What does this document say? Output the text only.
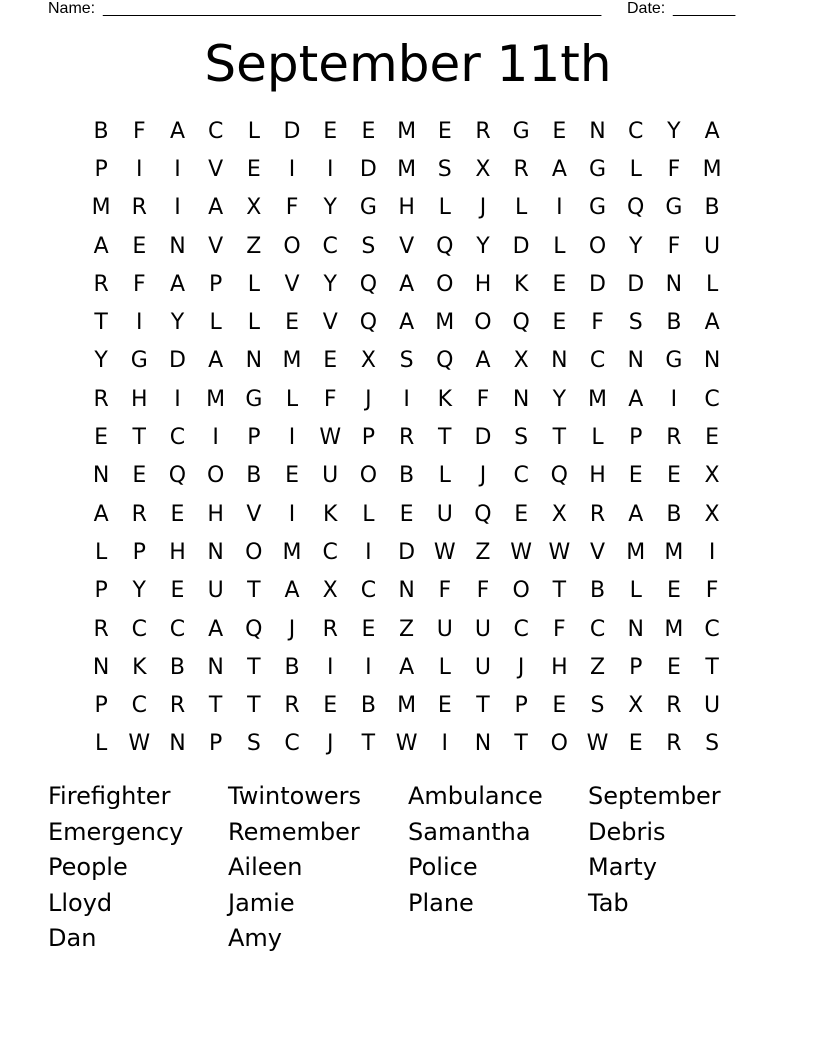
Name: ________________________________________________________ Date: _______
September 11th
B	F	A	C	L	D	E	E M E	R	G	E	N	C	Y	A
P	I	I	V	E	I	I	D M S	X	R	A	G	L	F	M
M R	I	A	X	F	Y	G H	L	J	L	I	G Q G	B
A	E	N	V	Z O C	S	V Q	Y	D	L	O	Y	F	U
R	F	A	P	L	V	Y	Q	A O H	K	E	D D N	L
T	I	Y	L	L	E	V Q	A M O Q	E	F	S	B	A
Y	G D	A	N M E	X	S	Q	A	X	N	C	N G N
R	H	I	M G	L	F	J	I	K	F	N	Y M A	I	C
E	T	C	I	P	I	W P	R	T	D	S	T	L	P	R	E
N	E	Q O B	E	U O B	L	J	C Q H	E	E	X
A	R	E	H	V	I	K	L	E	U Q	E	X	R	A	B	X
L	P	H N O M C	I	D W Z W W V M M	I
P	Y	E	U	T	A	X	C	N	F	F	O	T	B	L	E	F
R	C	C	A Q	J	R	E	Z	U	U	C	F	C	N M C
N	K	B	N	T	B	I	I	A	L	U	J	H	Z	P	E	T
P	C	R	T	T	R	E	B M E	T	P	E	S	X	R	U
L W N	P	S	C	J	T W	I	N	T	O W E	R	S
Firefighter	Twintowers	Ambulance	September
Emergency	Remember	Samantha	Debris
People	Aileen	Police	Marty
Lloyd	Jamie	Plane	Tab
Dan	Amy
